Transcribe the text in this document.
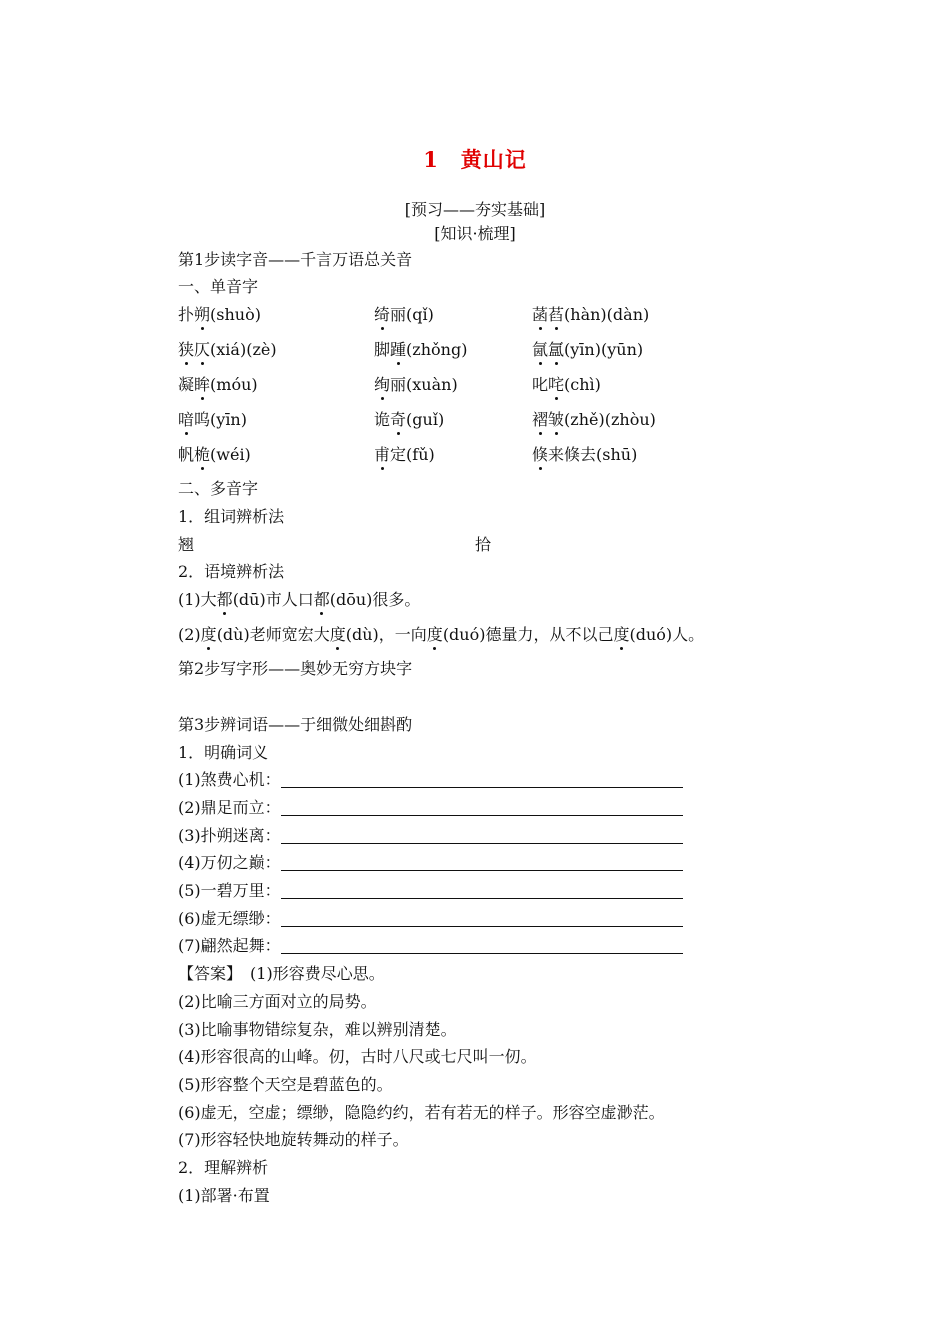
1　黄山记
[预习——夯实基础]
[知识·梳理]
第1步读字音——千言万语总关音
一、单音字
扑朔(shuò)	绮丽(qǐ)	菡萏(hàn)(dàn)
狭仄(xiá)(zè)	脚踵(zhǒng)	氤氲(yīn)(yūn)
凝眸(móu)	绚丽(xuàn)	叱咤(chì)
喑呜(yīn)	诡奇(guǐ)	褶皱(zhě)(zhòu)
帆桅(wéi)	甫定(fǔ)	倏来倏去(shū)
二、多音字
1．组词辨析法
翘	拾
2．语境辨析法
(1)大都(dū)市人口都(dōu)很多。
(2)度(dù)老师宽宏大度(dù)，一向度(duó)德量力，从不以己度(duó)人。
第2步写字形——奥妙无穷方块字
第3步辨词语——于细微处细斟酌
1．明确词义
(1)煞费心机：
(2)鼎足而立：
(3)扑朔迷离：
(4)万仞之巅：
(5)一碧万里：
(6)虚无缥缈：
(7)翩然起舞：
【答案】　 (1)形容费尽心思。
(2)比喻三方面对立的局势。
(3)比喻事物错综复杂，难以辨别清楚。
(4)形容很高的山峰。仞，古时八尺或七尺叫一仞。
(5)形容整个天空是碧蓝色的。
(6)虚无，空虚；缥缈，隐隐约约，若有若无的样子。形容空虚渺茫。
(7)形容轻快地旋转舞动的样子。
2．理解辨析
(1)部署·布置
